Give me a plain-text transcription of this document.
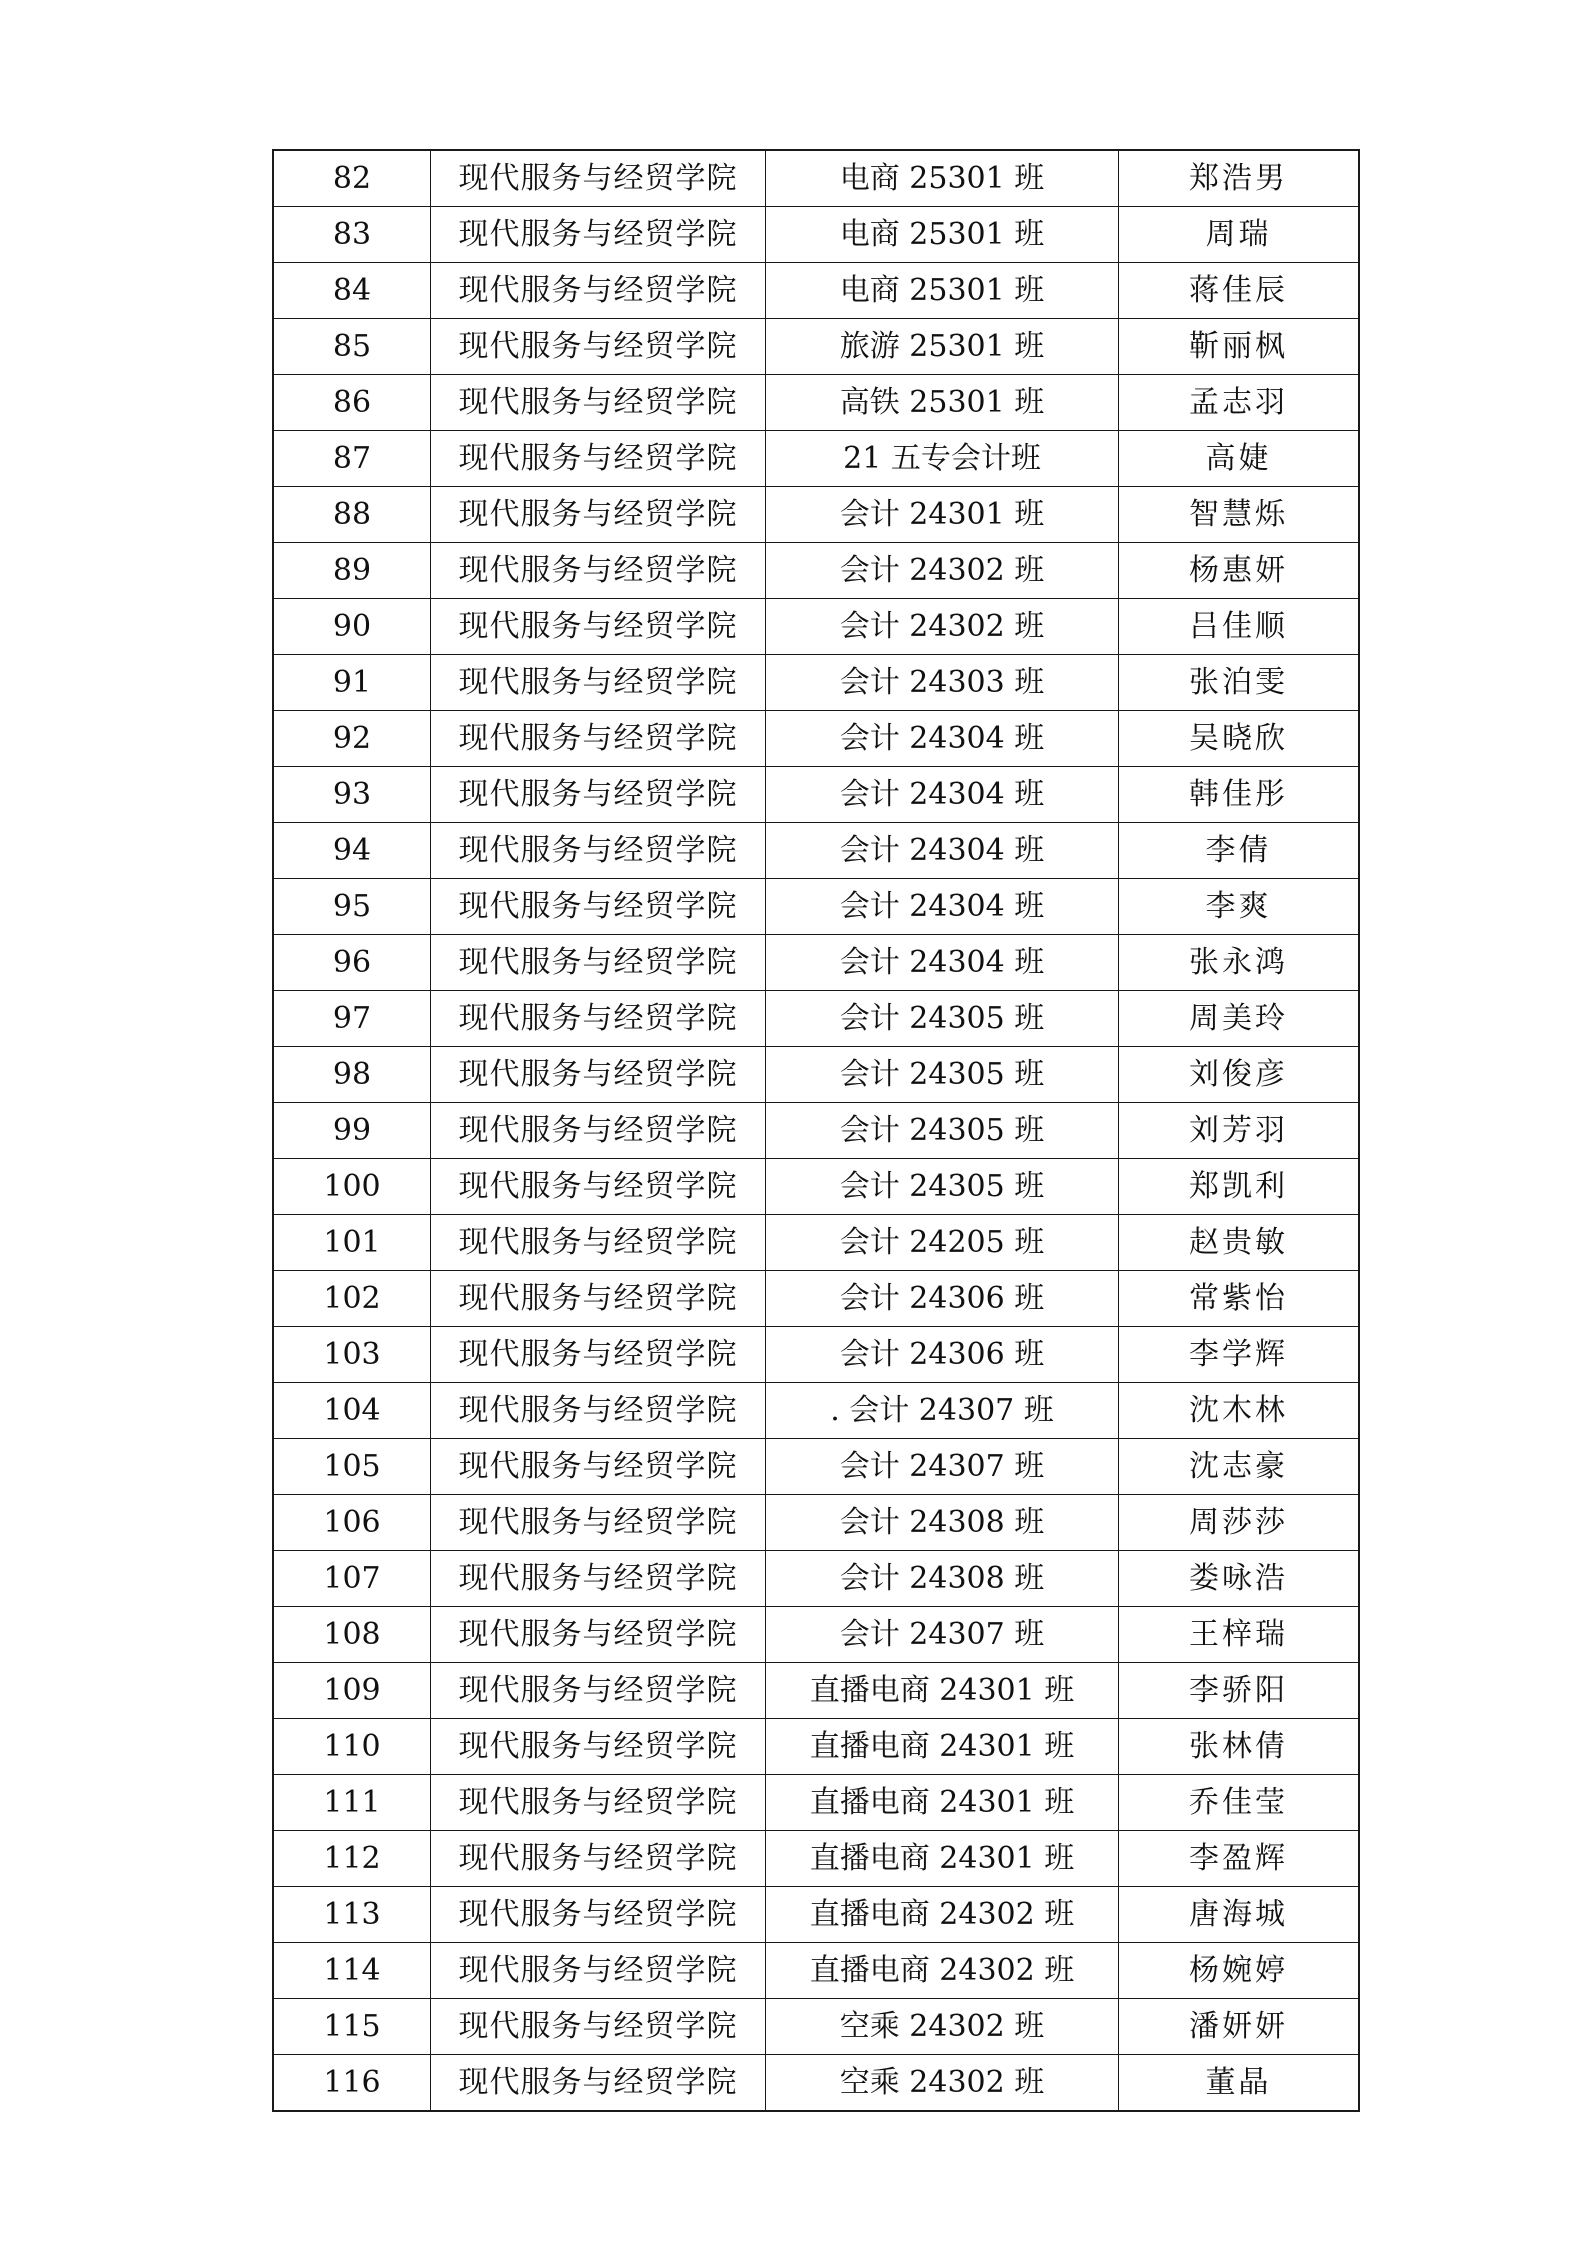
82	现代服务与经贸学院	电商 25301 班	郑浩男
83	现代服务与经贸学院	电商 25301 班	周瑞
84	现代服务与经贸学院	电商 25301 班	蒋佳辰
85	现代服务与经贸学院	旅游 25301 班	靳丽枫
86	现代服务与经贸学院	高铁 25301 班	孟志羽
87	现代服务与经贸学院	21 五专会计班	高婕
88	现代服务与经贸学院	会计 24301 班	智慧烁
89	现代服务与经贸学院	会计 24302 班	杨惠妍
90	现代服务与经贸学院	会计 24302 班	吕佳顺
91	现代服务与经贸学院	会计 24303 班	张泊雯
92	现代服务与经贸学院	会计 24304 班	吴晓欣
93	现代服务与经贸学院	会计 24304 班	韩佳彤
94	现代服务与经贸学院	会计 24304 班	李倩
95	现代服务与经贸学院	会计 24304 班	李爽
96	现代服务与经贸学院	会计 24304 班	张永鸿
97	现代服务与经贸学院	会计 24305 班	周美玲
98	现代服务与经贸学院	会计 24305 班	刘俊彦
99	现代服务与经贸学院	会计 24305 班	刘芳羽
100	现代服务与经贸学院	会计 24305 班	郑凯利
101	现代服务与经贸学院	会计 24205 班	赵贵敏
102	现代服务与经贸学院	会计 24306 班	常紫怡
103	现代服务与经贸学院	会计 24306 班	李学辉
104	现代服务与经贸学院	. 会计 24307 班	沈木林
105	现代服务与经贸学院	会计 24307 班	沈志豪
106	现代服务与经贸学院	会计 24308 班	周莎莎
107	现代服务与经贸学院	会计 24308 班	娄咏浩
108	现代服务与经贸学院	会计 24307 班	王梓瑞
109	现代服务与经贸学院	直播电商 24301 班	李骄阳
110	现代服务与经贸学院	直播电商 24301 班	张林倩
111	现代服务与经贸学院	直播电商 24301 班	乔佳莹
112	现代服务与经贸学院	直播电商 24301 班	李盈辉
113	现代服务与经贸学院	直播电商 24302 班	唐海城
114	现代服务与经贸学院	直播电商 24302 班	杨婉婷
115	现代服务与经贸学院	空乘 24302 班	潘妍妍
116	现代服务与经贸学院	空乘 24302 班	董晶
